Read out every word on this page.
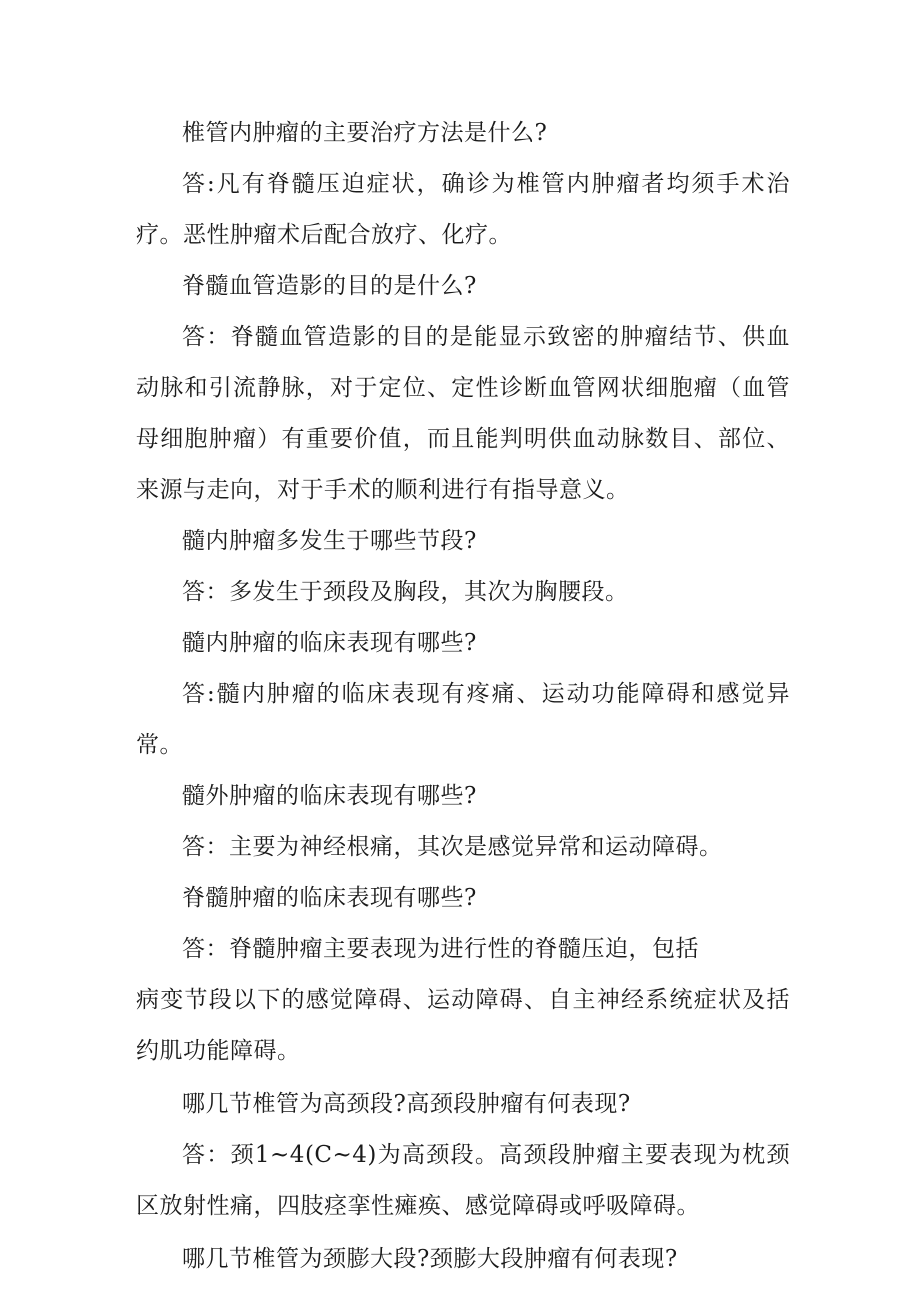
椎管内肿瘤的主要治疗方法是什么?

答:凡有脊髓压迫症状，确诊为椎管内肿瘤者均须手术治疗。恶性肿瘤术后配合放疗、化疗。

脊髓血管造影的目的是什么?

答：脊髓血管造影的目的是能显示致密的肿瘤结节、供血动脉和引流静脉，对于定位、定性诊断血管网状细胞瘤（血管母细胞肿瘤）有重要价值，而且能判明供血动脉数目、部位、来源与走向，对于手术的顺利进行有指导意义。

髓内肿瘤多发生于哪些节段?

答：多发生于颈段及胸段，其次为胸腰段。

髓内肿瘤的临床表现有哪些?

答:髓内肿瘤的临床表现有疼痛、运动功能障碍和感觉异常。

髓外肿瘤的临床表现有哪些?

答：主要为神经根痛，其次是感觉异常和运动障碍。

脊髓肿瘤的临床表现有哪些?

答：脊髓肿瘤主要表现为进行性的脊髓压迫，包括

病变节段以下的感觉障碍、运动障碍、自主神经系统症状及括约肌功能障碍。

哪几节椎管为高颈段?高颈段肿瘤有何表现?

答：颈1~4(C~4)为高颈段。高颈段肿瘤主要表现为枕颈区放射性痛，四肢痉挛性瘫痪、感觉障碍或呼吸障碍。

哪几节椎管为颈膨大段?颈膨大段肿瘤有何表现?
